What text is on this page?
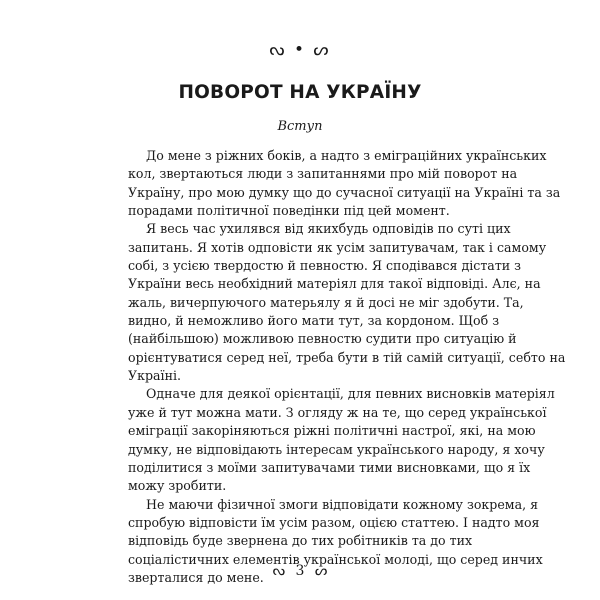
ᔓ • ᔕ
ПОВОРОТ НА УКРАЇНУ
Вступ
До мене з ріжних боків, а надто з еміграційних українських
кол, звертаються люди з запитаннями про мій поворот на
Україну, про мою думку що до сучасної ситуації на Україні та за
порадами політичної поведінки під цей момент.
Я весь час ухилявся від якихбудь одповідів по суті цих
запитань. Я хотів одповісти як усім запитувачам, так і самому
собі, з усією твердостю й певностю. Я сподівався дістати з
України весь необхідний матеріял для такої відповіді. Алє, на
жаль, вичерпуючого матерьялу я й досі не міг здобути. Та,
видно, й неможливо його мати тут, за кордоном. Щоб з
(найбільшою) можливою певностю судити про ситуацію й
орієнтуватися серед неї, треба бути в тій самій ситуації, себто на
Україні.
Одначе для деякої орієнтації, для певних висновків матеріял
уже й тут можна мати. З огляду ж на те, що серед української
еміграції закоріняються ріжні політичні настрої, які, на мою
думку, не відповідають інтересам українського народу, я хочу
поділитися з моїми запитувачами тими висновками, що я їх
можу зробити.
Не маючи фізичної змоги відповідати кожному зокрема, я
спробую відповісти їм усім разом, оцією статтею. І надто моя
відповідь буде звернена до тих робітників та до тих
соціалістичних елементів української молоді, що серед инчих
зверталися до мене. ᔓ 3 ᔕ
